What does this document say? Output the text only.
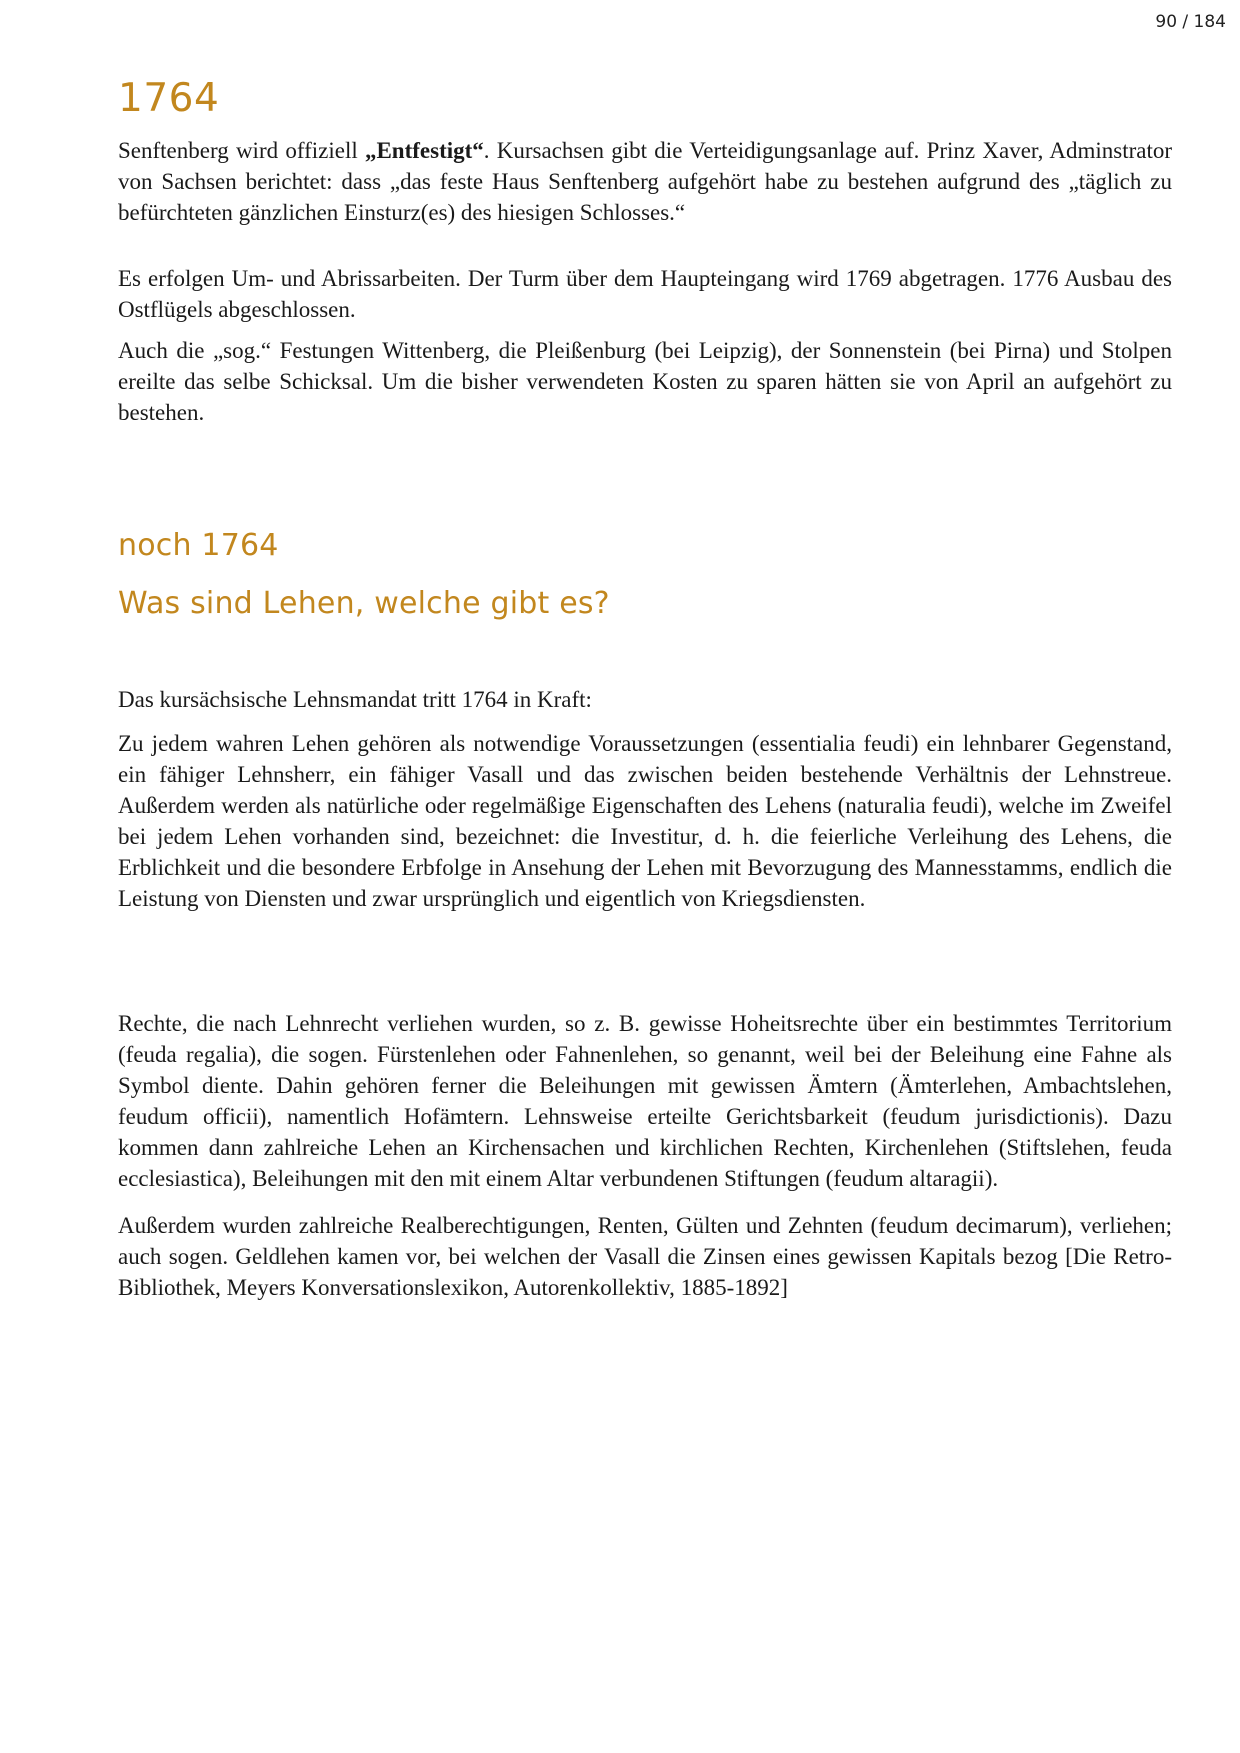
90 / 184
1764

Senftenberg wird offiziell „Entfestigt“. Kursachsen gibt die Verteidigungsanlage auf. Prinz Xaver, Adminstrator von Sachsen berichtet: dass „das feste Haus Senftenberg aufgehört habe zu bestehen aufgrund des „täglich zu befürchteten gänzlichen Einsturz(es) des hiesigen Schlosses.“

Es erfolgen Um- und Abrissarbeiten. Der Turm über dem Haupteingang wird 1769 abgetragen. 1776 Ausbau des Ostflügels abgeschlossen.

Auch die „sog.“ Festungen Wittenberg, die Pleißenburg (bei Leipzig), der Sonnenstein (bei Pirna) und Stolpen ereilte das selbe Schicksal. Um die bisher verwendeten Kosten zu sparen hätten sie von April an aufgehört zu bestehen.

noch 1764
Was sind Lehen, welche gibt es?

Das kursächsische Lehnsmandat tritt 1764 in Kraft:

Zu jedem wahren Lehen gehören als notwendige Voraussetzungen (essentialia feudi) ein lehnbarer Gegenstand, ein fähiger Lehnsherr, ein fähiger Vasall und das zwischen beiden bestehende Verhältnis der Lehnstreue. Außerdem werden als natürliche oder regelmäßige Eigenschaften des Lehens (naturalia feudi), welche im Zweifel bei jedem Lehen vorhanden sind, bezeichnet: die Investitur, d. h. die feierliche Verleihung des Lehens, die Erblichkeit und die besondere Erbfolge in Ansehung der Lehen mit Bevorzugung des Mannesstamms, endlich die Leistung von Diensten und zwar ursprünglich und eigentlich von Kriegsdiensten.

Rechte, die nach Lehnrecht verliehen wurden, so z. B. gewisse Hoheitsrechte über ein bestimmtes Territorium (feuda regalia), die sogen. Fürstenlehen oder Fahnenlehen, so genannt, weil bei der Beleihung eine Fahne als Symbol diente. Dahin gehören ferner die Beleihungen mit gewissen Ämtern (Ämterlehen, Ambachtslehen, feudum officii), namentlich Hofämtern. Lehnsweise erteilte Gerichtsbarkeit (feudum jurisdictionis). Dazu kommen dann zahlreiche Lehen an Kirchensachen und kirchlichen Rechten, Kirchenlehen (Stiftslehen, feuda ecclesiastica), Beleihungen mit den mit einem Altar verbundenen Stiftungen (feudum altaragii).

Außerdem wurden zahlreiche Realberechtigungen, Renten, Gülten und Zehnten (feudum decimarum), verliehen; auch sogen. Geldlehen kamen vor, bei welchen der Vasall die Zinsen eines gewissen Kapitals bezog [Die Retro-Bibliothek, Meyers Konversationslexikon, Autorenkollektiv, 1885-1892]
